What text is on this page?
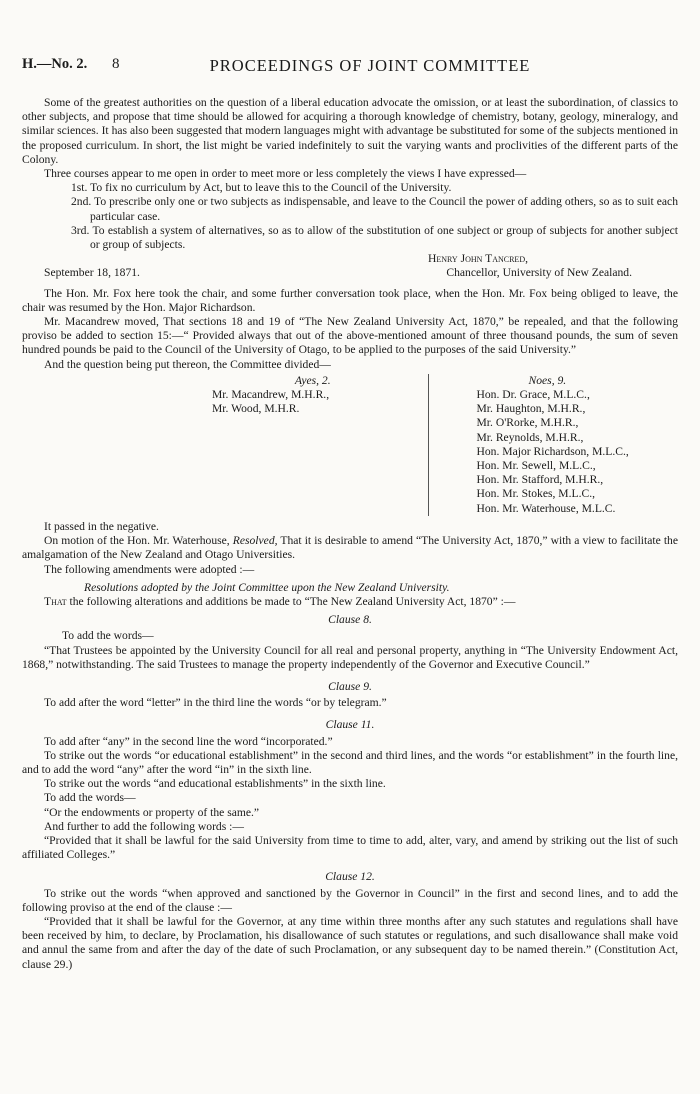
H.—No. 2. 8	PROCEEDINGS OF JOINT COMMITTEE

Some of the greatest authorities on the question of a liberal education advocate the omission, or at least the subordination, of classics to other subjects, and propose that time should be allowed for acquiring a thorough knowledge of chemistry, botany, geology, mineralogy, and similar sciences. It has also been suggested that modern languages might with advantage be substituted for some of the subjects mentioned in the proposed curriculum. In short, the list might be varied indefinitely to suit the varying wants and proclivities of the different parts of the Colony.

Three courses appear to me open in order to meet more or less completely the views I have expressed—

1st. To fix no curriculum by Act, but to leave this to the Council of the University.

2nd. To prescribe only one or two subjects as indispensable, and leave to the Council the power of adding others, so as to suit each particular case.

3rd. To establish a system of alternatives, so as to allow of the substitution of one subject or group of subjects for another subject or group of subjects.

Henry John Tancred,

September 18, 1871.	Chancellor, University of New Zealand.

The Hon. Mr. Fox here took the chair, and some further conversation took place, when the Hon. Mr. Fox being obliged to leave, the chair was resumed by the Hon. Major Richardson.

Mr. Macandrew moved, That sections 18 and 19 of “The New Zealand University Act, 1870,” be repealed, and that the following proviso be added to section 15:—“ Provided always that out of the above-mentioned amount of three thousand pounds, the sum of seven hundred pounds be paid to the Council of the University of Otago, to be applied to the purposes of the said University.”

And the question being put thereon, the Committee divided—

Ayes, 2.
Mr. Macandrew, M.H.R.,
Mr. Wood, M.H.R.
Noes, 9.
Hon. Dr. Grace, M.L.C.,
Mr. Haughton, M.H.R.,
Mr. O'Rorke, M.H.R.,
Mr. Reynolds, M.H.R.,
Hon. Major Richardson, M.L.C.,
Hon. Mr. Sewell, M.L.C.,
Hon. Mr. Stafford, M.H.R.,
Hon. Mr. Stokes, M.L.C.,
Hon. Mr. Waterhouse, M.L.C.

It passed in the negative.

On motion of the Hon. Mr. Waterhouse, Resolved, That it is desirable to amend “The University Act, 1870,” with a view to facilitate the amalgamation of the New Zealand and Otago Universities.

The following amendments were adopted :—

Resolutions adopted by the Joint Committee upon the New Zealand University.

That the following alterations and additions be made to “The New Zealand University Act, 1870” :—

Clause 8.

To add the words—

“That Trustees be appointed by the University Council for all real and personal property, anything in “The University Endowment Act, 1868,” notwithstanding. The said Trustees to manage the property independently of the Governor and Executive Council.”

Clause 9.

To add after the word “letter” in the third line the words “or by telegram.”

Clause 11.

To add after “any” in the second line the word “incorporated.”

To strike out the words “or educational establishment” in the second and third lines, and the words “or establishment” in the fourth line, and to add the word “any” after the word “in” in the sixth line.

To strike out the words “and educational establishments” in the sixth line.

To add the words—

“Or the endowments or property of the same.”

And further to add the following words :—

“Provided that it shall be lawful for the said University from time to time to add, alter, vary, and amend by striking out the list of such affiliated Colleges.”

Clause 12.

To strike out the words “when approved and sanctioned by the Governor in Council” in the first and second lines, and to add the following proviso at the end of the clause :—

“Provided that it shall be lawful for the Governor, at any time within three months after any such statutes and regulations shall have been received by him, to declare, by Proclamation, his disallowance of such statutes or regulations, and such disallowance shall make void and annul the same from and after the day of the date of such Proclamation, or any subsequent day to be named therein.” (Constitution Act, clause 29.)
